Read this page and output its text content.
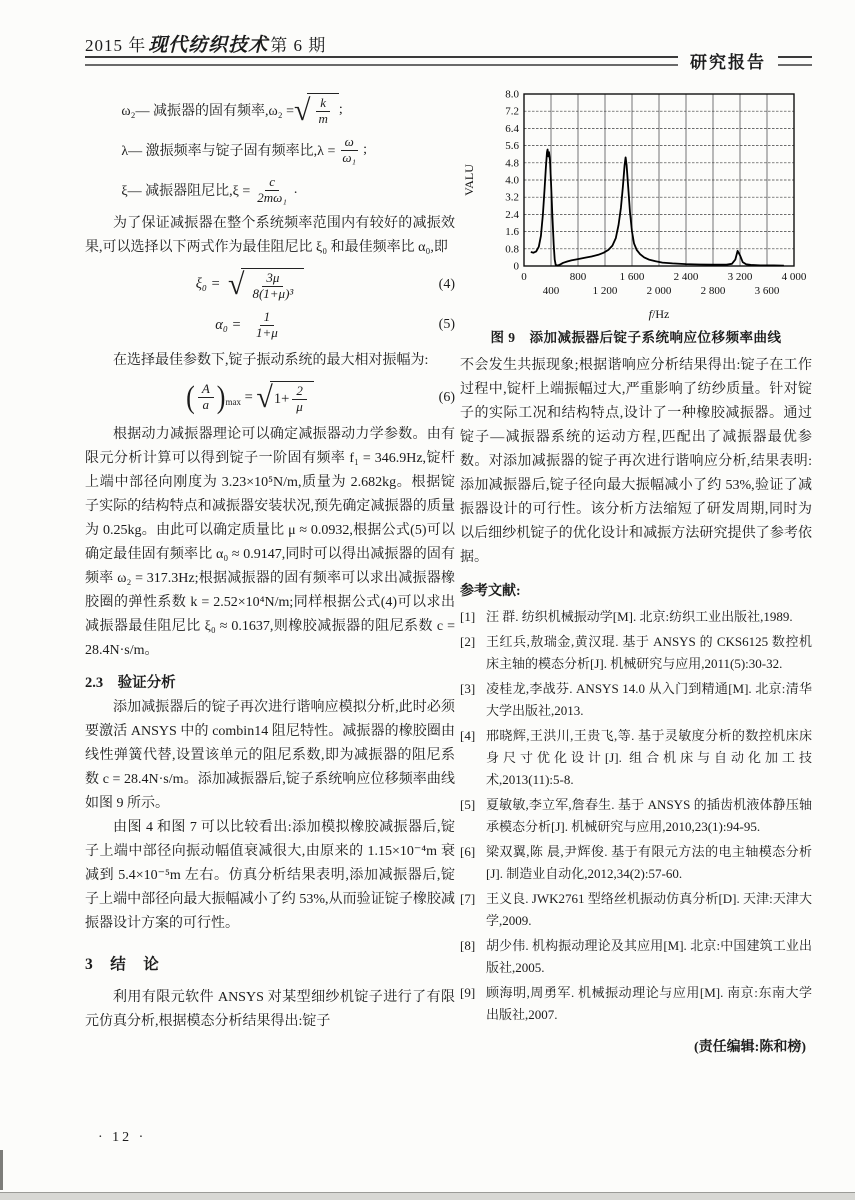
2015 年 现代纺织技术 第 6 期
研究报告
ω₂— 减振器的固有频率,ω₂ = √ $\frac{k}{m}$ ;
λ— 激振频率与锭子固有频率比$,\lambda = \frac{\omega}{\text{ω₁}}$ ;
ξ— 减振器阻尼比$,\xi = \frac{c}{\text{2mω₁}}$ .

为了保证减振器在整个系统频率范围内有较好的减振效果,可以选择以下两式作为最佳阻尼比 ξ₀ 和最佳频率比 α₀,即

ξ₀ = √ $\frac{3\mu}{\text{8(1+μ)³}}$	(4)
$\alpha_0 = \frac{1}{1+\mu}$	(5)

在选择最佳参数下,锭子振动系统的最大相对振幅为:

( $\frac{A}{a} )_{max}$ = √ $1+ \frac{2}{\mu}$	(6)

根据动力减振器理论可以确定减振器动力学参数。由有限元分析计算可以得到锭子一阶固有频率 f₁ = 346.9Hz,锭杆上端中部径向刚度为 3.23×10⁵N/m,质量为 2.682kg。根据锭子实际的结构特点和减振器安装状况,预先确定减振器的质量为 0.25kg。由此可以确定质量比 μ ≈ 0.0932,根据公式(5)可以确定最佳固有频率比 α₀ ≈ 0.9147,同时可以得出减振器的固有频率 ω₂ = 317.3Hz;根据减振器的固有频率可以求出减振器橡胶圈的弹性系数 k = 2.52×10⁴N/m;同样根据公式(4)可以求出减振器最佳阻尼比 ξ₀ ≈ 0.1637,则橡胶减振器的阻尼系数 c = 28.4N·s/m。

2.3　验证分析

添加减振器后的锭子再次进行谐响应模拟分析,此时必须要激活 ANSYS 中的 combin14 阻尼特性。减振器的橡胶圈由线性弹簧代替,设置该单元的阻尼系数,即为减振器的阻尼系数 c = 28.4N·s/m。添加减振器后,锭子系统响应位移频率曲线如图 9 所示。

由图 4 和图 7 可以比较看出:添加模拟橡胶减振器后,锭子上端中部径向振动幅值衰减很大,由原来的 1.15×10⁻⁴m 衰减到 5.4×10⁻⁵m 左右。仿真分析结果表明,添加减振器后,锭子上端中部径向最大振幅减小了约 53%,从而验证锭子橡胶减振器设计方案的可行性。

3　结　论

利用有限元软件 ANSYS 对某型细纱机锭子进行了有限元仿真分析,根据模态分析结果得出:锭子

0
0.8
1.6
2.4
3.2
4.0
4.8
5.6
6.4
7.2
8.0
0	800	1 600	2 400	3 200	4 000
400	1 200	2 000	2 800	3 600
VALU
f/Hz
图 9　添加减振器后锭子系统响应位移频率曲线

不会发生共振现象;根据谐响应分析结果得出:锭子在工作过程中,锭杆上端振幅过大,严重影响了纺纱质量。针对锭子的实际工况和结构特点,设计了一种橡胶减振器。通过锭子—减振器系统的运动方程,匹配出了减振器最优参数。对添加减振器的锭子再次进行谐响应分析,结果表明:添加减振器后,锭子径向最大振幅减小了约 53%,验证了减振器设计的可行性。该分析方法缩短了研发周期,同时为以后细纱机锭子的优化设计和减振方法研究提供了参考依据。

参考文献:
[1] 汪 群. 纺织机械振动学[M]. 北京:纺织工业出版社,1989.
[2] 王红兵,敖瑞金,黄汉琨. 基于 ANSYS 的 CKS6125 数控机床主轴的模态分析[J]. 机械研究与应用,2011(5):30-32.
[3] 凌桂龙,李战芬. ANSYS 14.0 从入门到精通[M]. 北京:清华大学出版社,2013.
[4] 邢晓辉,王洪川,王贵飞,等. 基于灵敏度分析的数控机床床身尺寸优化设计[J]. 组合机床与自动化加工技术,2013(11):5-8.
[5] 夏敏敏,李立军,詹春生. 基于 ANSYS 的插齿机液体静压轴承模态分析[J]. 机械研究与应用,2010,23(1):94-95.
[6] 梁双翼,陈 晨,尹辉俊. 基于有限元方法的电主轴模态分析[J]. 制造业自动化,2012,34(2):57-60.
[7] 王义良. JWK2761 型络丝机振动仿真分析[D]. 天津:天津大学,2009.
[8] 胡少伟. 机构振动理论及其应用[M]. 北京:中国建筑工业出版社,2005.
[9] 顾海明,周勇军. 机械振动理论与应用[M]. 南京:东南大学出版社,2007.
(责任编辑:陈和榜)
· 12 ·
